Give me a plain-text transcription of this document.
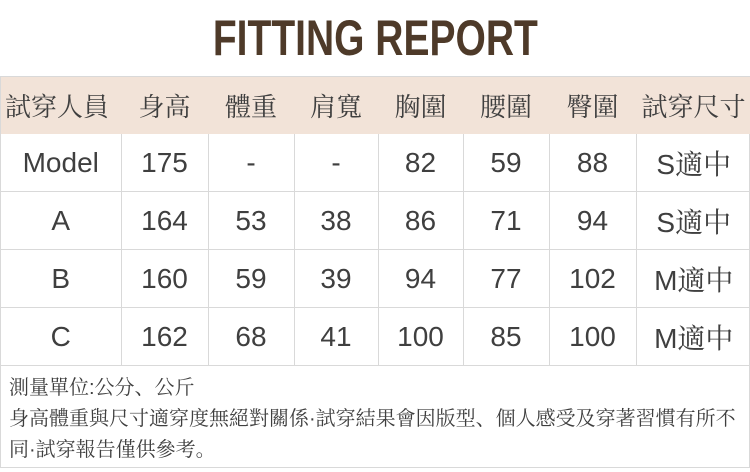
FITTING REPORT
試穿人員	身高	體重	肩寬	胸圍	腰圍	臀圍	試穿尺寸
Model	175	-	-	82	59	88	S適中
A	164	53	38	86	71	94	S適中
B	160	59	39	94	77	102	M適中
C	162	68	41	100	85	100	M適中

測量單位:公分、公斤

身高體重與尺寸適穿度無絕對關係·試穿結果會因版型、個人感受及穿著習慣有所不同·試穿報告僅供參考。
